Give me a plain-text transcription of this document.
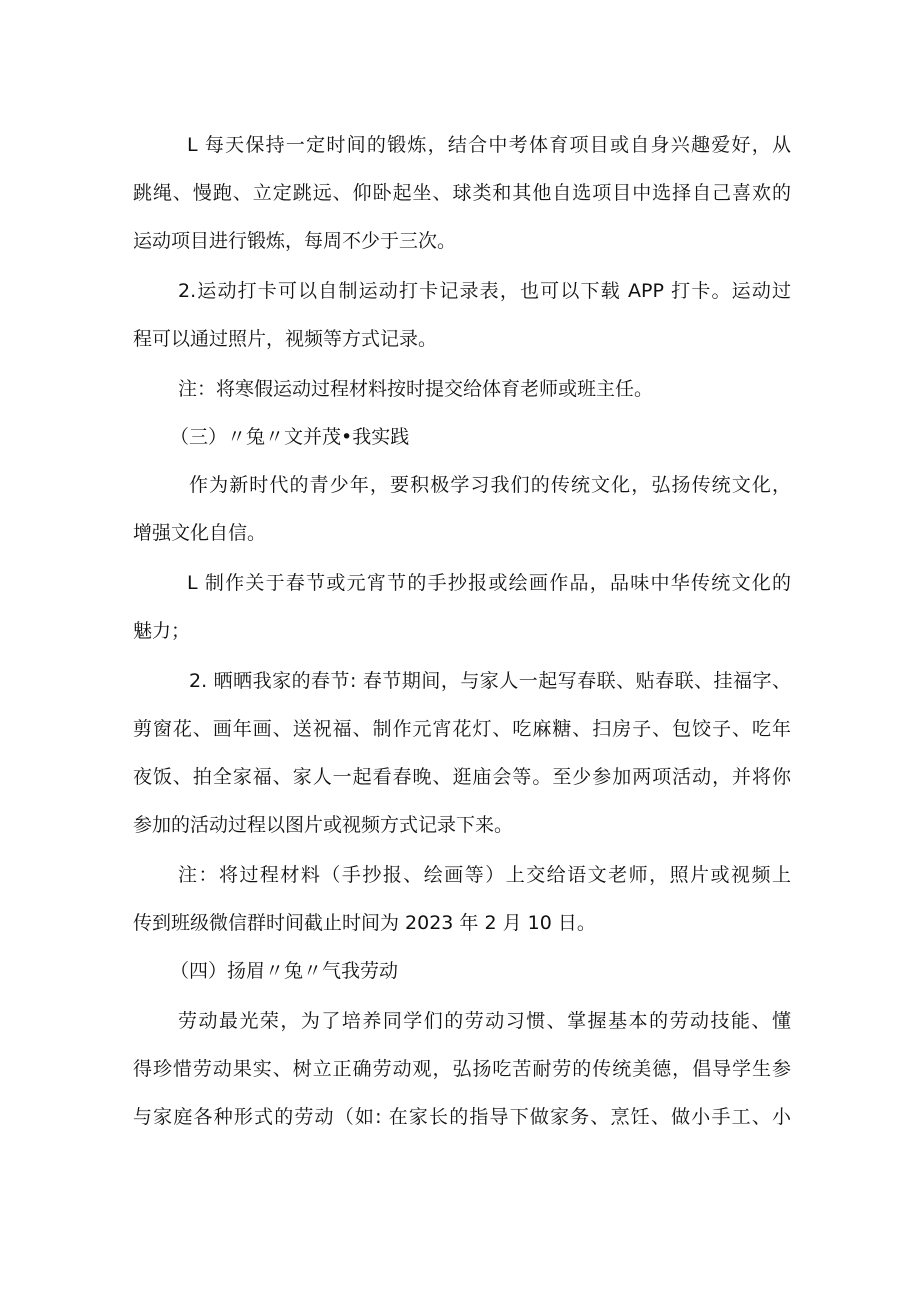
L 每天保持一定时间的锻炼，结合中考体育项目或自身兴趣爱好，从
跳绳、慢跑、立定跳远、仰卧起坐、球类和其他自选项目中选择自己喜欢的
运动项目进行锻炼，每周不少于三次。
2.运动打卡可以自制运动打卡记录表，也可以下载 APP 打卡。运动过
程可以通过照片，视频等方式记录。
注：将寒假运动过程材料按时提交给体育老师或班主任。
（三）〃兔〃文并茂•我实践
作为新时代的青少年，要积极学习我们的传统文化，弘扬传统文化，
增强文化自信。
L 制作关于春节或元宵节的手抄报或绘画作品，品味中华传统文化的
魅力；
2. 晒晒我家的春节: 春节期间，与家人一起写春联、贴春联、挂福字、
剪窗花、画年画、送祝福、制作元宵花灯、吃麻糖、扫房子、包饺子、吃年
夜饭、拍全家福、家人一起看春晚、逛庙会等。至少参加两项活动，并将你
参加的活动过程以图片或视频方式记录下来。
注：将过程材料（手抄报、绘画等）上交给语文老师，照片或视频上
传到班级微信群时间截止时间为 2023 年 2 月 10 日。
（四）扬眉〃兔〃气我劳动
劳动最光荣，为了培养同学们的劳动习惯、掌握基本的劳动技能、懂
得珍惜劳动果实、树立正确劳动观，弘扬吃苦耐劳的传统美德，倡导学生参
与家庭各种形式的劳动（如: 在家长的指导下做家务、烹饪、做小手工、小
